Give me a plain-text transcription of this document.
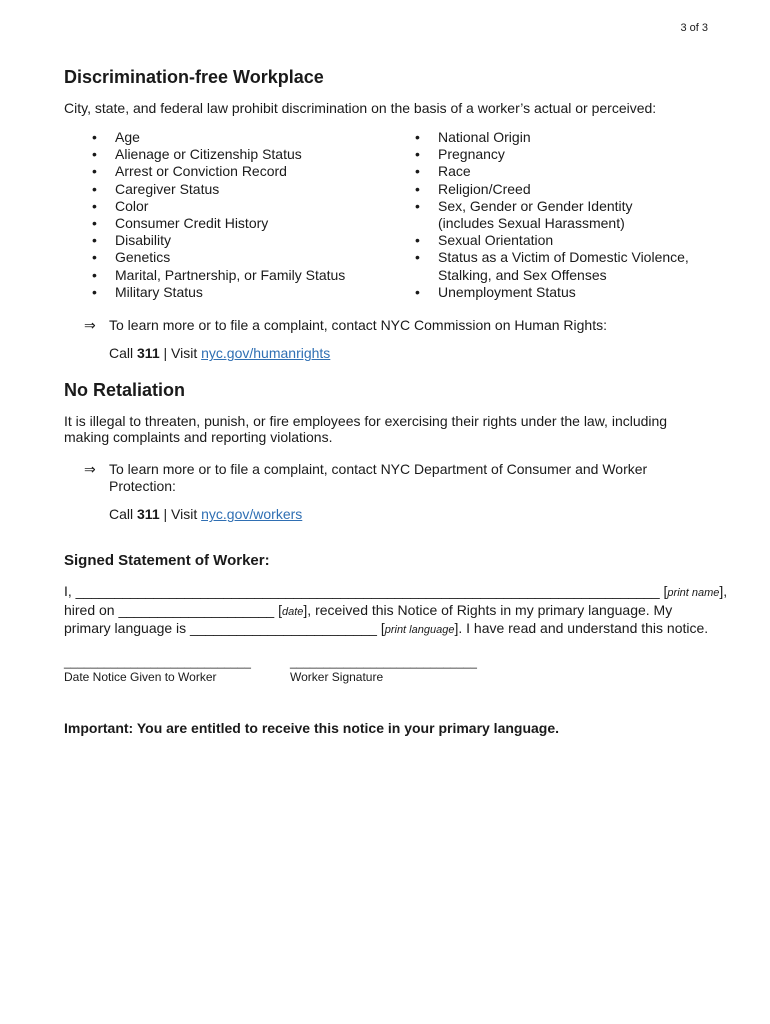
3 of 3
Discrimination-free Workplace
City, state, and federal law prohibit discrimination on the basis of a worker’s actual or perceived:
• Age
• Alienage or Citizenship Status
• Arrest or Conviction Record
• Caregiver Status
• Color
• Consumer Credit History
• Disability
• Genetics
• Marital, Partnership, or Family Status
• Military Status
• National Origin
• Pregnancy
• Race
• Religion/Creed
• Sex, Gender or Gender Identity
(includes Sexual Harassment)
• Sexual Orientation
• Status as a Victim of Domestic Violence,
Stalking, and Sex Offenses
• Unemployment Status
⇒ To learn more or to file a complaint, contact NYC Commission on Human Rights:
Call 311 | Visit nyc.gov/humanrights
No Retaliation
It is illegal to threaten, punish, or fire employees for exercising their rights under the law, including making complaints and reporting violations.
⇒ To learn more or to file a complaint, contact NYC Department of Consumer and Worker Protection:
Call 311 | Visit nyc.gov/workers
Signed Statement of Worker:
I, ___________________________________________________________________________ [print name],
hired on ____________________ [date], received this Notice of Rights in my primary language. My
primary language is ________________________ [print language]. I have read and understand this notice.
____________________________
Date Notice Given to Worker
____________________________
Worker Signature
Important: You are entitled to receive this notice in your primary language.
